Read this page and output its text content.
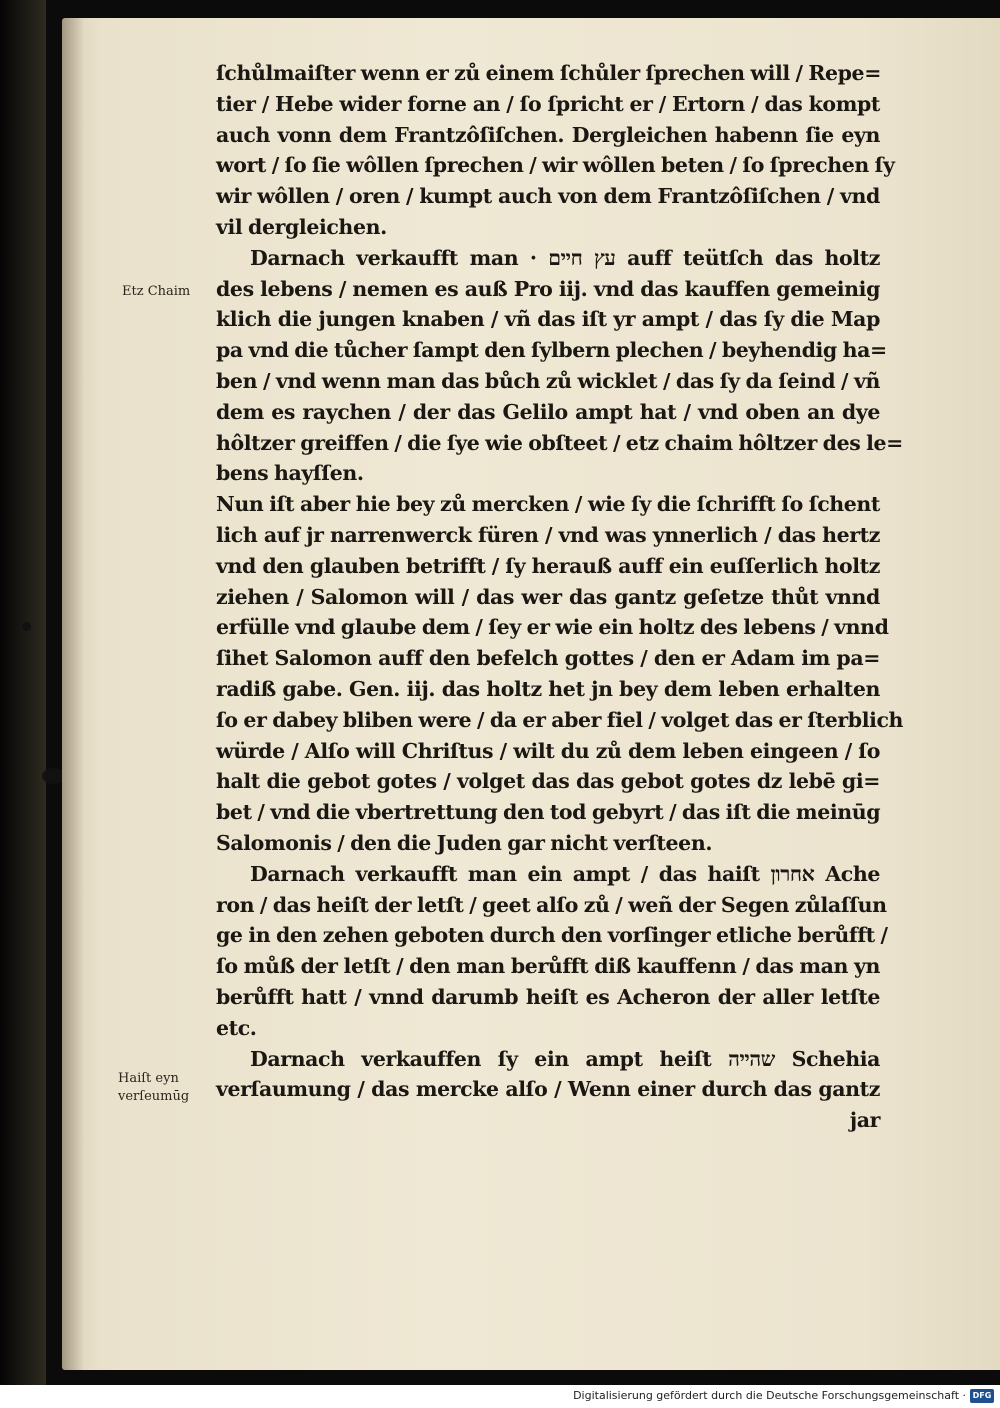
Etz Chaim
Haiſt eyn
verſeumūg
ſchůlmaiſter wenn er zů einem ſchůler ſprechen will / Repe=
tier / Hebe wider forne an / ſo ſpricht er / Ertorn / das kompt
auch vonn dem Frantzôſiſchen. Dergleichen habenn ſie eyn
wort / ſo ſie wôllen ſprechen / wir wôllen beten / ſo ſprechen ſy
wir wôllen / oren / kumpt auch von dem Frantzôſiſchen / vnd
vil dergleichen.
Darnach verkaufft man · עץ חיים auff teütſch das holtz
des lebens / nemen es auß Pro iij. vnd das kauffen gemeinig
klich die jungen knaben / vñ das iſt yr ampt / das ſy die Map
pa vnd die tůcher ſampt den ſylbern plechen / beyhendig ha=
ben / vnd wenn man das bůch zů wicklet / das ſy da ſeind / vñ
dem es raychen / der das Gelilo ampt hat / vnd oben an dye
hôltzer greiffen / die ſye wie obſteet / etz chaim hôltzer des le=
bens hayſſen.
Nun iſt aber hie bey zů mercken / wie ſy die ſchrifft ſo ſchent
lich auf jr narrenwerck füren / vnd was ynnerlich / das hertz
vnd den glauben betrifft / ſy herauß auff ein euſſerlich holtz
ziehen / Salomon will / das wer das gantz geſetze thůt vnnd
erfülle vnd glaube dem / ſey er wie ein holtz des lebens / vnnd
ſihet Salomon auff den befelch gottes / den er Adam im pa=
radiß gabe. Gen. iij. das holtz het jn bey dem leben erhalten
ſo er dabey bliben were / da er aber fiel / volget das er ſterblich
würde / Alſo will Chriſtus / wilt du zů dem leben eingeen / ſo
halt die gebot gotes / volget das das gebot gotes dz lebē gi=
bet / vnd die vbertrettung den tod gebyrt / das iſt die meinūg
Salomonis / den die Juden gar nicht verſteen.
Darnach verkaufft man ein ampt / das haiſt אחרון Ache
ron / das heiſt der letſt / geet alſo zů / weñ der Segen zůlaſſun
ge in den zehen geboten durch den vorſinger etliche berůfft /
ſo můß der letſt / den man berůfft diß kauffenn / das man yn
berůfft hatt / vnnd darumb heiſt es Acheron der aller letſte
etc.
Darnach verkauffen ſy ein ampt heiſt שהייה Schehia
verſaumung / das mercke alſo / Wenn einer durch das gantz
jar
Digitalisierung gefördert durch die Deutsche Forschungsgemeinschaft · DFG
